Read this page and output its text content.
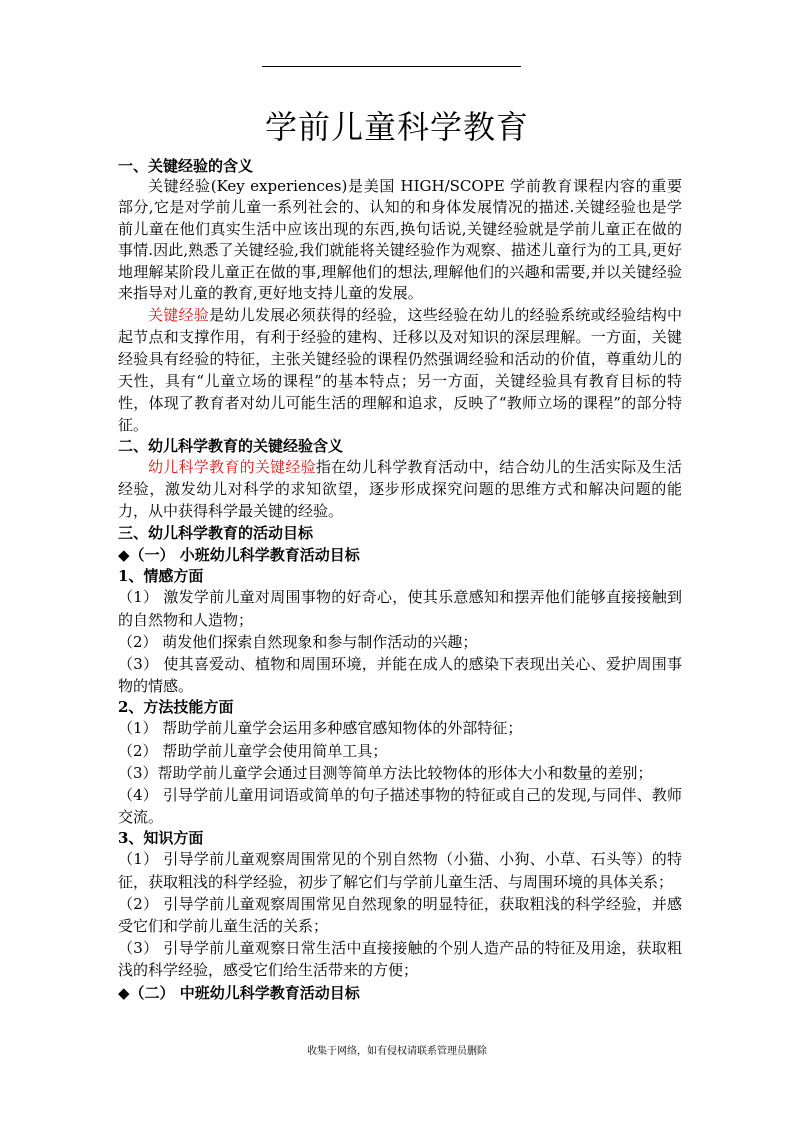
学前儿童科学教育

一、关键经验的含义

关键经验(Key experiences)是美国 HIGH/SCOPE 学前教育课程内容的重要部分,它是对学前儿童一系列社会的、认知的和身体发展情况的描述.关键经验也是学前儿童在他们真实生活中应该出现的东西,换句话说,关键经验就是学前儿童正在做的事情.因此,熟悉了关键经验,我们就能将关键经验作为观察、描述儿童行为的工具,更好地理解某阶段儿童正在做的事,理解他们的想法,理解他们的兴趣和需要,并以关键经验来指导对儿童的教育,更好地支持儿童的发展。

关键经验是幼儿发展必须获得的经验，这些经验在幼儿的经验系统或经验结构中起节点和支撑作用，有利于经验的建构、迁移以及对知识的深层理解。一方面，关键经验具有经验的特征，主张关键经验的课程仍然强调经验和活动的价值，尊重幼儿的天性，具有“儿童立场的课程”的基本特点；另一方面，关键经验具有教育目标的特性，体现了教育者对幼儿可能生活的理解和追求，反映了“教师立场的课程”的部分特征。

二、幼儿科学教育的关键经验含义

幼儿科学教育的关键经验指在幼儿科学教育活动中，结合幼儿的生活实际及生活经验，激发幼儿对科学的求知欲望，逐步形成探究问题的思维方式和解决问题的能力，从中获得科学最关键的经验。

三、幼儿科学教育的活动目标

◆（一） 小班幼儿科学教育活动目标

1、情感方面

（1） 激发学前儿童对周围事物的好奇心，使其乐意感知和摆弄他们能够直接接触到的自然物和人造物；

（2） 萌发他们探索自然现象和参与制作活动的兴趣；

（3） 使其喜爱动、植物和周围环境，并能在成人的感染下表现出关心、爱护周围事物的情感。

2、方法技能方面

（1） 帮助学前儿童学会运用多种感官感知物体的外部特征；

（2） 帮助学前儿童学会使用简单工具；

（3）帮助学前儿童学会通过目测等简单方法比较物体的形体大小和数量的差别；

（4） 引导学前儿童用词语或简单的句子描述事物的特征或自己的发现,与同伴、教师交流。

3、知识方面

（1） 引导学前儿童观察周围常见的个别自然物（小猫、小狗、小草、石头等）的特征，获取粗浅的科学经验，初步了解它们与学前儿童生活、与周围环境的具体关系；

（2） 引导学前儿童观察周围常见自然现象的明显特征，获取粗浅的科学经验，并感受它们和学前儿童生活的关系；

（3） 引导学前儿童观察日常生活中直接接触的个别人造产品的特征及用途，获取粗浅的科学经验，感受它们给生活带来的方便；

◆（二） 中班幼儿科学教育活动目标

收集于网络，如有侵权请联系管理员删除
